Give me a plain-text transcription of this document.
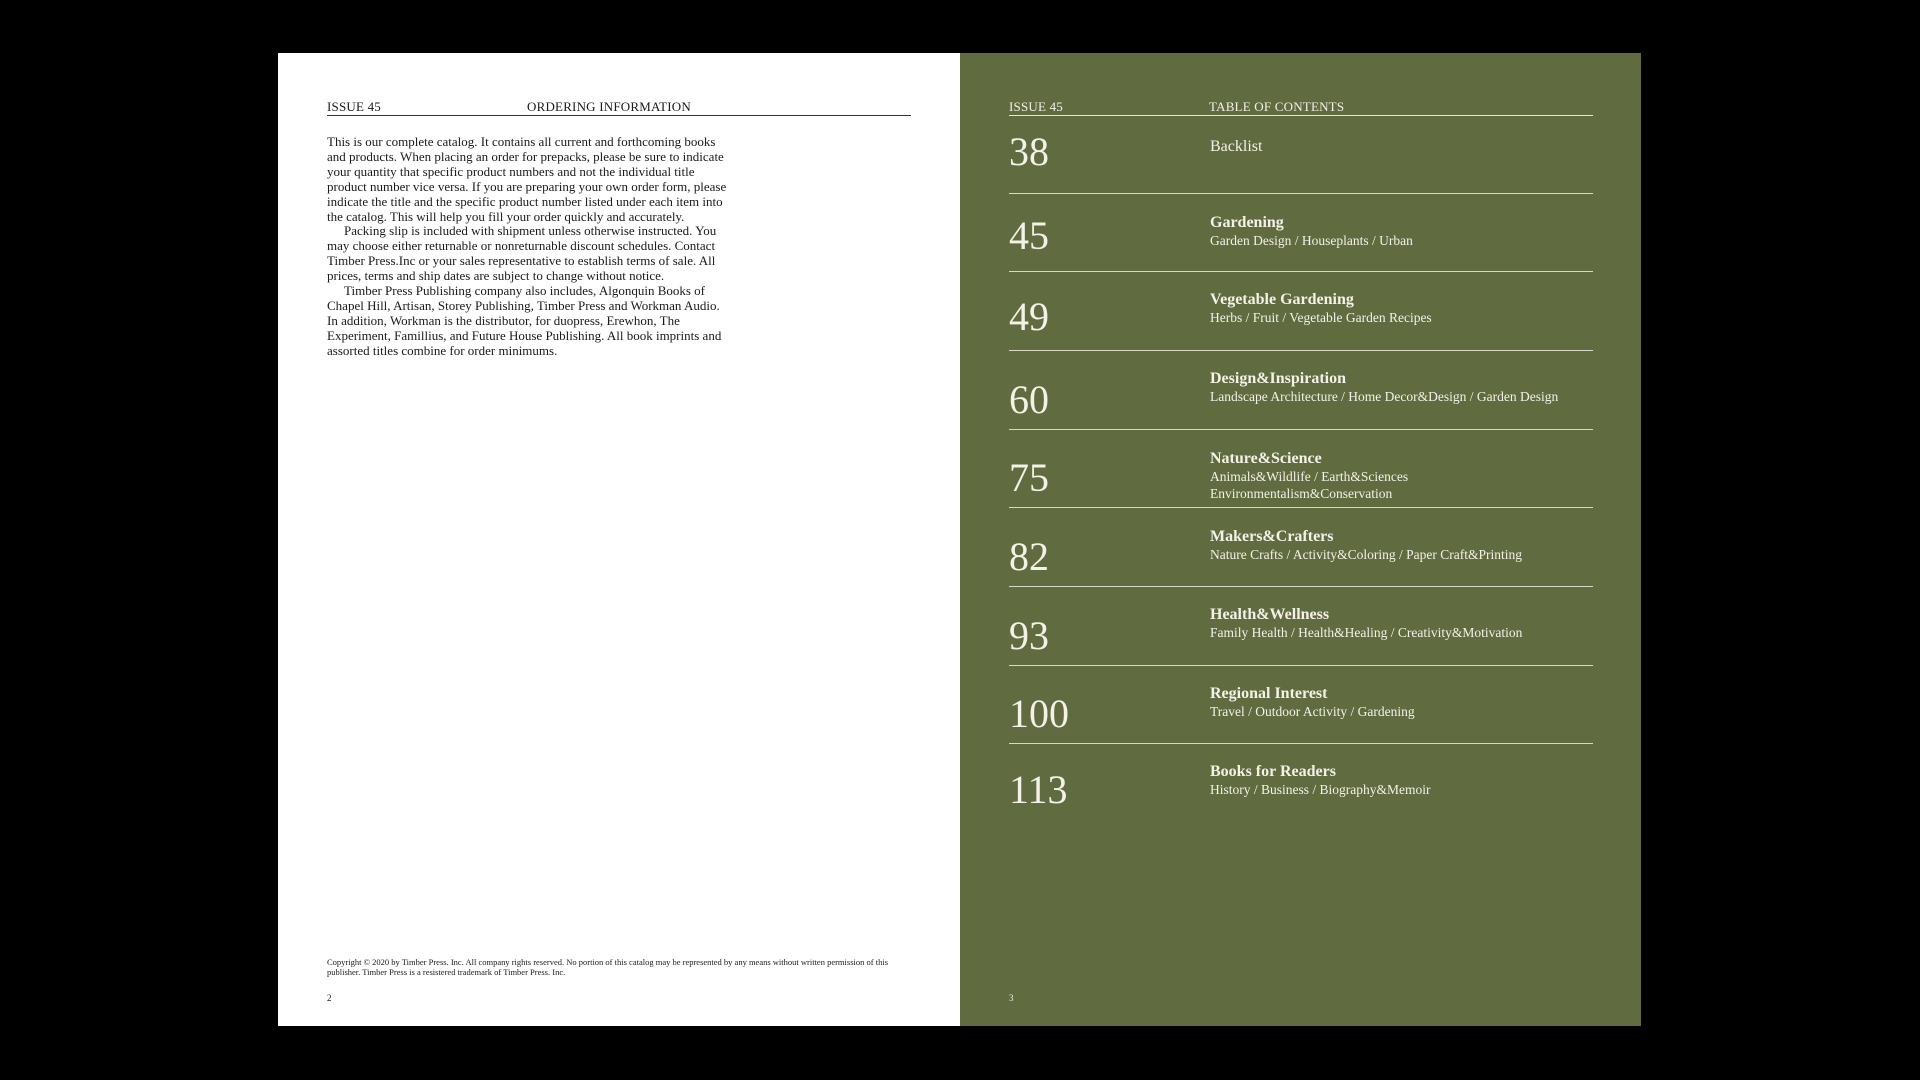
ISSUE 45	ORDERING INFORMATION

This is our complete catalog. It contains all current and forthcoming books and products. When placing an order for prepacks, please be sure to indicate your quantity that specific product numbers and not the individual title product number vice versa. If you are preparing your own order form, please indicate the title and the specific product number listed under each item into the catalog. This will help you fill your order quickly and accurately.

Packing slip is included with shipment unless otherwise instructed. You may choose either returnable or nonreturnable discount schedules. Contact Timber Press.Inc or your sales representative to establish terms of sale. All prices, terms and ship dates are subject to change without notice.

Timber Press Publishing company also includes, Algonquin Books of Chapel Hill, Artisan, Storey Publishing, Timber Press and Workman Audio. In addition, Workman is the distributor, for duopress, Erewhon, The Experiment, Famillius, and Future House Publishing. All book imprints and assorted titles combine for order minimums.

Copyright © 2020 by Timber Press. Inc. All company rights reserved. No portion of this catalog may be represented by any means without written permission of this publisher. Timber Press is a resistered trademark of Timber Press. Inc.
2
ISSUE 45	TABLE OF CONTENTS
38	Backlist
45	Gardening
Garden Design / Houseplants / Urban
49	Vegetable Gardening
Herbs / Fruit / Vegetable Garden Recipes
60	Design&Inspiration
Landscape Architecture / Home Decor&Design / Garden Design
75	Nature&Science
Animals&Wildlife / Earth&Sciences
Environmentalism&Conservation
82	Makers&Crafters
Nature Crafts / Activity&Coloring / Paper Craft&Printing
93	Health&Wellness
Family Health / Health&Healing / Creativity&Motivation
100	Regional Interest
Travel / Outdoor Activity / Gardening
113	Books for Readers
History / Business / Biography&Memoir
3
